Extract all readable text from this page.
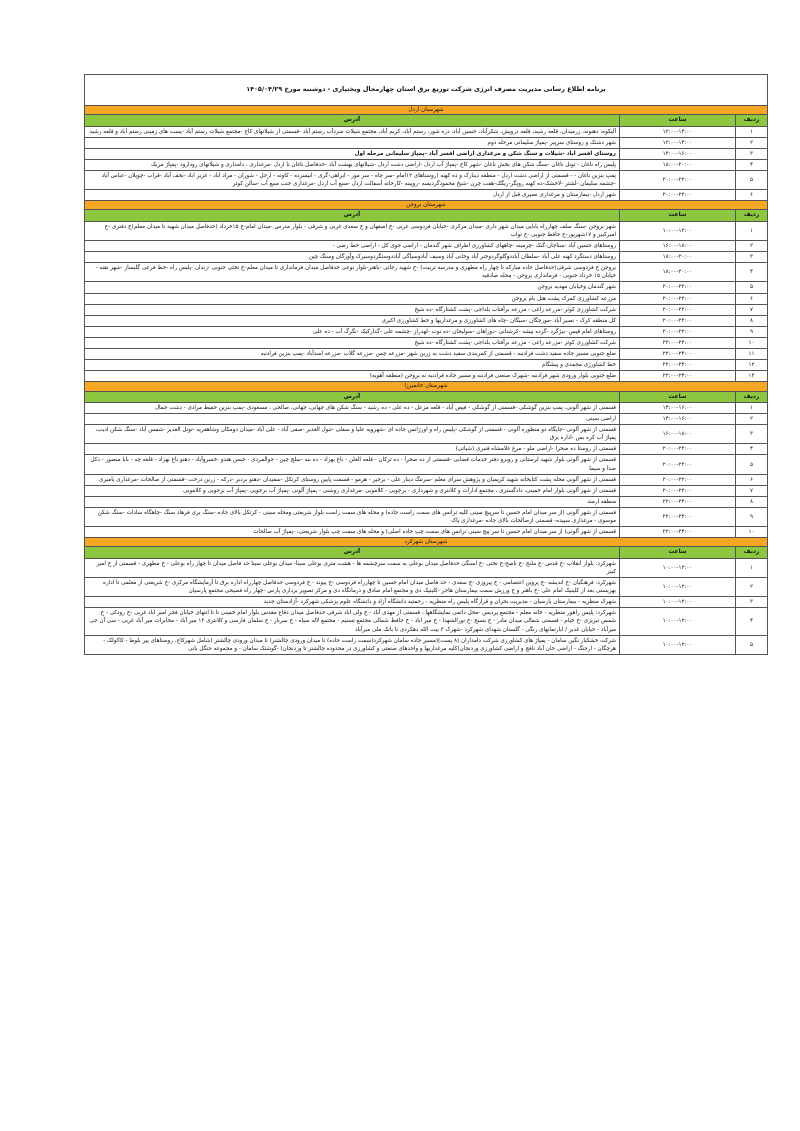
برنامه اطلاع رسانی مدیریت مصرف انرژی شرکت توزیع برق استان چهارمحال وبختیاری - دوشنبه مورخ ۱۴۰۵/۰۴/۲۹		
شهرستان اردل		
ردیف	ساعت	آدرس
۱	۱۲:۰۰-۱۴:۰۰	آلیکوه، دهنونه، زرمیدان، قلعه رشید، قلعه درویش، شکرآباد، حسین آباد، دره شور، رستم آباد، کریم آباد، مجتمع شیلات سردآب رستم آباد -قسمتی از شیلاتهای کاج -مجتمع شیلات رستم آباد -پست های زمینی رستم آباد و قلعه رشید
۲	۱۲:۰۰-۱۴:۰۰	شهر دشتک و روستای سرپیر -پمپاژ سلیمانی مرحله دوم
۳	۱۴:۰۰-۱۶:۰۰	روستای افسر اباد -شیلات و سنگ شکن و مرغداری اراضی افسر آباد -پمپاژ سلیمانی مرحله اول
۴	۱۸:۰۰-۲۰:۰۰	پلیس راه ناغان - تونل ناغان -سنگ شکن های بخش ناغان -شهر کاج -پمپاژ آب اردل -اراضی دشت اردل -شیلاتهای بهشت آباد -حدفاصل ناغان تا اردل -مرغداری ، دامداری و شیلاتهای رودارود -پمپاژ مریک
۵	۲۰:۰۰-۲۲:۰۰	پمپ بنزین ناغان - - قسمتی از اراضی دشت اردل - منطقه دینارک و ده کهنه (روستاهای ۱۲امام -سر چاه - سر مور - ابراهی-گری - ابیسرده - کاونه - ارجل - شوران - مراد اباد - عزیز اباد -نجف آباد -قراب -چوپلان -عباس آباد -چشمه سلیمان -لشتر -لاخشک-ده کهنه رویگر-ریگک-هفت چرن -شیخ محمودگردیسه -روپینه -کارخانه آسفالت اردل -منبع آب اردل -مرغداری جنب منبع آب -سالن کوثر
۶	۲۰:۰۰-۲۲:۰۰	شهر اردل -بیمارستان و مرغداری نصیری قبل از اردل
شهرستان بروجن		
ردیف	ساعت	آدرس
۱	۱۰:۰۰-۱۲:۰۰	شهر بروجن -سنگ سلف چهارراه بابایی میدان شهر داری -میدان مرکزی -خیابان فردوسی غربی -خ اصفهان و خ سعدی غربی و شرقی - بلوار مدرس -میدان امام-خ ۱۵خرداد (حدفاصل میدان شهید تا میدان معلم)خ دفتری -خ امیرکبیر و ۱۷شهریور-خ حافظ جنوبی -خ نواب
۲	۱۶:۰۰-۱۸:۰۰	روستاهای حسین آباد -سناجان-گنک -چرمینه -چاههای کشاورزی اطراف شهر گندمان - اراضی جوی کل - اراضی خط رضی -
۳	۱۸:۰۰-۲۰:۰۰	روستاهای دستگرد کهنه علی آباد -سلطان آباددوگلوگردوخنر آباد وخانی آباد وسیف آبادوسیاگی آباددوستگردوسیرک وآورگان وسنگ چین
۴	۱۸:۰۰-۲۰:۰۰	بروجن خ فردوسی شرقی(حدفاصل جاده مبارکه تا چهار راه مطهری و مدرسه تربیت) -خ شهید رجائی -باهنر-بلوار نوعی حدفاصل میدان فرمانداری تا میدان معلم-خ تختی جنوبی -زندان -پلیس راه -خط فرعی گلبساز -شهر نقنه - خیابان ۱۵ خرداد جنوبی - فرمانداری بروجن - محله صادقیه
۵	۲۰:۰۰-۲۲:۰۰	شهر گندمان وخیابان مهدیه بروجن
۶	۲۰:۰۰-۲۲:۰۰	مزرعه کشاورزی کمرک پشت هتل بام بروجن
۷	۲۰:۰۰-۲۲:۰۰	شرکت کشاورزی کوثر -مزرعه زاغی - مزرعه برآفتاب بلداجی -پشت کشتارگاه -ده شیخ
۸	۲۰:۰۰-۲۲:۰۰	کل منطقه کرک - نصیر آباد -مورچگان -سیگان -چاه های کشاورزی و مرغداریها و خط کشاورزی اکبری
۹	۲۰:۰۰-۲۲:۰۰	روستاهای امام قیس -بیژگرد -گرده بیشه -کرشنانی -دوراهان -سولیجان -ده نوت -لهدراز -چشمه علی -گدارکیک -نگرگ آب - ده علی
۱۰	۲۲:۰۰-۲۴:۰۰	شرکت کشاورزی کوثر -مزرعه زاغی - مزرعه برآفتاب بلداجی -پشت کشتارگاه -ده شیخ
۱۱	۲۲:۰۰-۲۴:۰۰	ضلع جنوبی مسیر جاده سفید دشت فرادنبه - قسمتی از کمربندی سفید دشت به زرین شهر -مزرعه چمن -مزرعه گلاب -مزرعه اسدآباد -پمپ بنزین فرادنبه
۱۲	۲۲:۰۰-۲۴:۰۰	خط کشاورزی محمدی و پیشگام
۱۳	۲۲:۰۰-۲۴:۰۰	ضلع جنوبی بلوار ورودی شهر فرادنبه -شهرک صنعتی فرادنبه و مسیر جاده فرادنبه به بروجن (منطقه آهویه)
شهرستان خانمیرزا		
ردیف	ساعت	آدرس
۱	۱۴:۰۰-۱۶:۰۰	قسمتی از شهر آلونی، پمپ بنزین گوشکی -قسمتی از گوشکی - فیض آباد - قلعه مزعل - ده علی - ده رشید - سنگ شکن های جهانی، جهانی، صالحی ، مسعودی -پمپ بنزین حفیظ مرادی - دشت جمال
۲	۱۴:۰۰-۱۶:۰۰	اراضی سینی
۳	۱۶:۰۰-۱۸:۰۰	قسمتی از شهر آلونی -جایگاه دو منظوره آلونی - قسمتی از گوشکی -پلیس راه و اورژانس جاده ای -شهرویه علیا و سفلی -تنول الغدیر -صفی آباد - علی آباد -میدان دومکان وشاهقریه -تونل الغدیر -شمس آباد -سنگ شکن ادیب، پمپاژ آب کره بس -اداره برق
۴	۲۰:۰۰-۲۲:۰۰	قسمتی از روستا ده صحرا -اراضی ملو - مرغ غلامشاه قنبری (شیاتی)
۵	۲۰:۰۰-۲۲:۰۰	قسمتی از شهر آلونی بلوار شهید لرستانی و روبرو دفتر خدمات قضایی -قسمتی از ده صحرا - ده ترکان - قلعه الغلن - باغ بهزاد - ده بنه -سلچ چین - جوالمردی - حسن هندو -خسروآباد - دهنو باغ بهزاد - قلعه چه - بابا منصور - دکل صدا و سیما
۶	۲۰:۰۰-۲۲:۰۰	قسمتی از شهر آلونی محله پشت کتابخانه شهید کریمیان و پژوهش سرای معلم -سرتنگ دینار علی - برجیر - هرمو - قسمت پایین روستای کرتکل -سفیدان -دهنو بردبر -درکه - زرین درخت -قسمتی از صالحات -مرغداری بامیری
۷	۲۰:۰۰-۲۲:۰۰	قسمتی از شهر آلونی بلوار امام خمینی، دادگستری ، مجتمع ادارات و کلانتری و شهرداری - برجویی - کلاموبی -مرغداری روشنی - پمپاژ آلونی -پمپاژ آب برجویی -پمپاژ آب برجویی و کلاموبی
۸	۲۲:۰۰-۲۴:۰۰	منطقه ارمند
۹	۲۲:۰۰-۲۴:۰۰	قسمتی از شهر آلونی (از سر میدان امام حسین تا سرپیچ سینی کلیه ترانس های سمت راست جاده) و محله های سمت راست بلوار شریعتی ومحله سینی - کرتکل بالای جاده -سنگ بری فرهاد سنگ -چاهگاه سادات -سنگ شکن موسوی - مرغداری سپیده- قسمتی ازصالحات بالای جاده -مرغداری پاک
۱۰	۲۲:۰۰-۲۴:۰۰	قسمتی از شهر آلونی( از سر میدان امام حسین تا سر پیچ سینی ترانس های سمت چپ جاده اصلی) و محله های سمت چپ بلوار شریعتی، -پمپاژ آب صالحات
شهرستان شهرکرد		
ردیف	ساعت	آدرس
۱	۱۰:۰۰-۱۲:۰۰	شهرکرد: بلوار انقلاب -خ قدس -خ ملنج -خ ناصح-خ تختی -خ اسنگی حدفاصل میدان بوعلی به سمت سرچشمه ها - هشت متری بوعلی سینا- میدان بوعلی سینا حد فاصل میدان تا چهار راه بوعلی - خ مطهری - قسمتی از خ امیر کبیر
۲	۱۰:۰۰-۱۲:۰۰	شهرکرد: فرهنگیان -خ اندیشه -خ پروین اعتصامی - خ پیروزی -خ سعدی - حد فاصل میدان امام حسین تا چهارراه فردوسی -خ پیوند - خ فردوسی حدفاصل چهارراه اداره برق تا آزمایشگاه مرکزی -خ شریعتی از معلمی تا اداره بهزیستی بعد از کلینیک امام علی -خ باهنر و خ ورزش سمت بیمارستان هاجر -کلینیک دی و مجتمع امام صادق و درمانگاه دی و مرکز تصویر برداری پارس -چهار راه فصیحی مجتمع پارسیان
۳	۱۰:۰۰-۱۲:۰۰	شهرک منظریه - بیمارستان پارسیان - مدیریت بحران و قرارگاه پلیس راه منظریه - رحمتیه دانشگاه آزاد و دانشگاه علوم پزشکی شهرکرد -آزادستان جدید
۴	۱۰:۰۰-۱۲:۰۰	شهرکرد: پلیس راهور منظریه - خانه معلم - مجتمع پردیس -محل دائمی نمایشگاهها ، قسمتی از مهدی آباد - خ ولی اباد شرقی حدفاصل میدان دفاع مقدس بلوار امام خمینی تا تا انتهای خیابان فجر امیر اباد غربی -خ رودکی - خ شمس تبریزی -خ خیام - قسمتی شمالی میدان مادر - خ بسیج -خ نورالشهدا - خ میر اباد - خ حافظ شمالی مجتمع تسنیم - مجتمع لاله سپاه - خ سرباز - خ سلمان فارسی و کلانتری ۱۳ میر آباد - مخابرات میر آباد غربی - سی آن جی میرآباد - خیابان غدیر / ابارتمانهای رنگی - گلستان شهدای شهرکرد -شهرک ۳ بیت الله دهکردی تا بانک ملی میرآباد
۵	۱۰:۰۰-۱۲:۰۰	شرکت خشکبار نگین سامان - پمپاژ های کشاورزی شرکت دامداران (۸ پست)(مسیر جاده سامان شهرکرد(سمت راست جاده) تا میدان ورودی چالشتر) تا میدان ورودی چالشتر (شامل شهرکاج، روستاهای پیر بلوط - کاکولک - هرچگان - ارجنگ - اراضی خان آباد نافچ و اراضی کشاورزی وردنجان(کلیه مرغداریها و واحدهای صنعتی و کشاورزی در محدوده چالشتر تا وردنجان) -گوشتک سامان - و مجموعه جنگل بانی
